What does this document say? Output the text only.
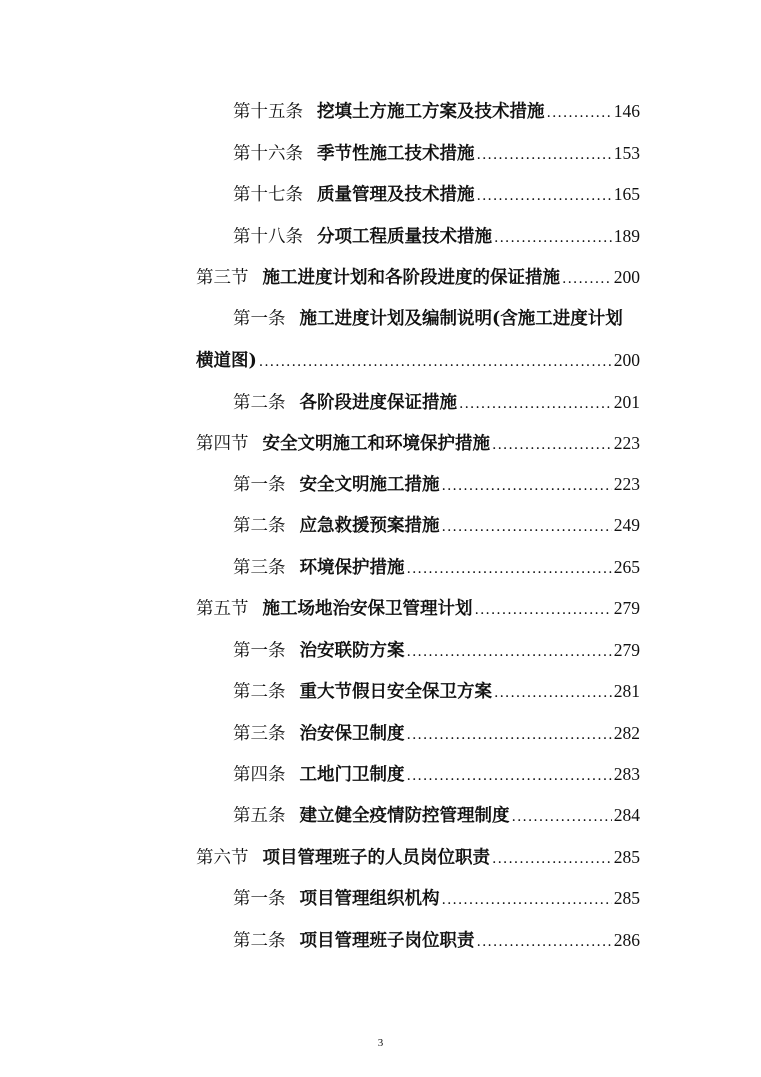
第十五条 挖填土方施工方案及技术措施 .....	146
第十六条 季节性施工技术措施 .....	153
第十七条 质量管理及技术措施 .....	165
第十八条 分项工程质量技术措施 .....	189
第三节 施工进度计划和各阶段进度的保证措施 .....	200
第一条 施工进度计划及编制说明(含施工进度计划
横道图) .....	200
第二条 各阶段进度保证措施 .....	201
第四节 安全文明施工和环境保护措施 .....	223
第一条 安全文明施工措施 .....	223
第二条 应急救援预案措施 .....	249
第三条 环境保护措施 .....	265
第五节 施工场地治安保卫管理计划 .....	279
第一条 治安联防方案 .....	279
第二条 重大节假日安全保卫方案 .....	281
第三条 治安保卫制度 .....	282
第四条 工地门卫制度 .....	283
第五条 建立健全疫情防控管理制度 .....	284
第六节 项目管理班子的人员岗位职责 .....	285
第一条 项目管理组织机构 .....	285
第二条 项目管理班子岗位职责 .....	286
3
